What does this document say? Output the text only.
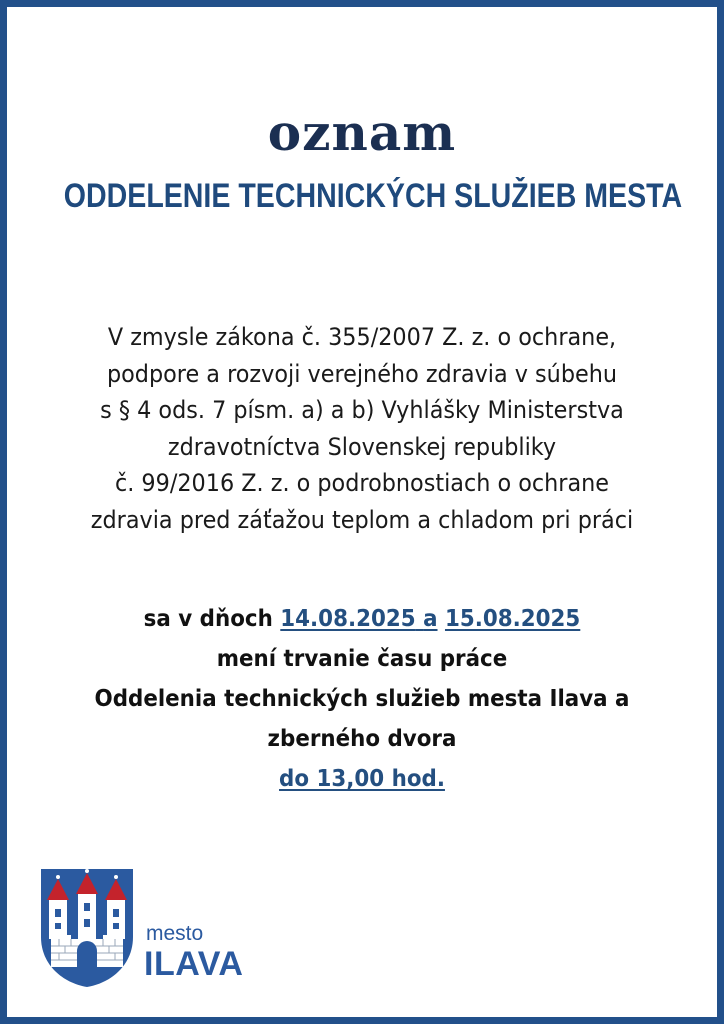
oznam
ODDELENIE TECHNICKÝCH SLUŽIEB MESTA
V zmysle zákona č. 355/2007 Z. z. o ochrane,
podpore a rozvoji verejného zdravia v súbehu
s § 4 ods. 7 písm. a) a b) Vyhlášky Ministerstva
zdravotníctva Slovenskej republiky
č. 99/2016 Z. z. o podrobnostiach o ochrane
zdravia pred záťažou teplom a chladom pri práci
sa v dňoch 14.08.2025 a 15.08.2025
mení trvanie času práce
Oddelenia technických služieb mesta Ilava a
zberného dvora
do 13,00 hod.
mesto
ILAVA
